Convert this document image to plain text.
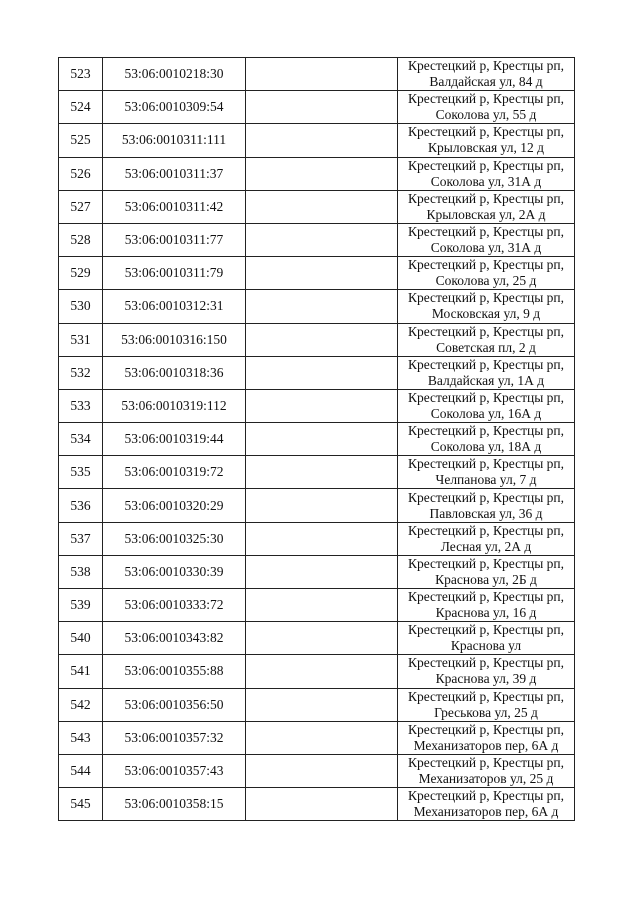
523	53:06:0010218:30		Крестецкий р, Крестцы рп,
Валдайская ул, 84 д

524	53:06:0010309:54		Крестецкий р, Крестцы рп,
Соколова ул, 55 д

525	53:06:0010311:111		Крестецкий р, Крестцы рп,
Крыловская ул, 12 д

526	53:06:0010311:37		Крестецкий р, Крестцы рп,
Соколова ул, 31А д

527	53:06:0010311:42		Крестецкий р, Крестцы рп,
Крыловская ул, 2А д

528	53:06:0010311:77		Крестецкий р, Крестцы рп,
Соколова ул, 31А д

529	53:06:0010311:79		Крестецкий р, Крестцы рп,
Соколова ул, 25 д

530	53:06:0010312:31		Крестецкий р, Крестцы рп,
Московская ул, 9 д

531	53:06:0010316:150		Крестецкий р, Крестцы рп,
Советская пл, 2 д

532	53:06:0010318:36		Крестецкий р, Крестцы рп,
Валдайская ул, 1А д

533	53:06:0010319:112		Крестецкий р, Крестцы рп,
Соколова ул, 16А д

534	53:06:0010319:44		Крестецкий р, Крестцы рп,
Соколова ул, 18А д

535	53:06:0010319:72		Крестецкий р, Крестцы рп,
Челпанова ул, 7 д

536	53:06:0010320:29		Крестецкий р, Крестцы рп,
Павловская ул, 36 д

537	53:06:0010325:30		Крестецкий р, Крестцы рп,
Лесная ул, 2А д

538	53:06:0010330:39		Крестецкий р, Крестцы рп,
Краснова ул, 2Б д

539	53:06:0010333:72		Крестецкий р, Крестцы рп,
Краснова ул, 16 д

540	53:06:0010343:82		Крестецкий р, Крестцы рп,
Краснова ул

541	53:06:0010355:88		Крестецкий р, Крестцы рп,
Краснова ул, 39 д

542	53:06:0010356:50		Крестецкий р, Крестцы рп,
Греськова ул, 25 д

543	53:06:0010357:32		Крестецкий р, Крестцы рп,
Механизаторов пер, 6А д

544	53:06:0010357:43		Крестецкий р, Крестцы рп,
Механизаторов ул, 25 д

545	53:06:0010358:15		Крестецкий р, Крестцы рп,
Механизаторов пер, 6А д
